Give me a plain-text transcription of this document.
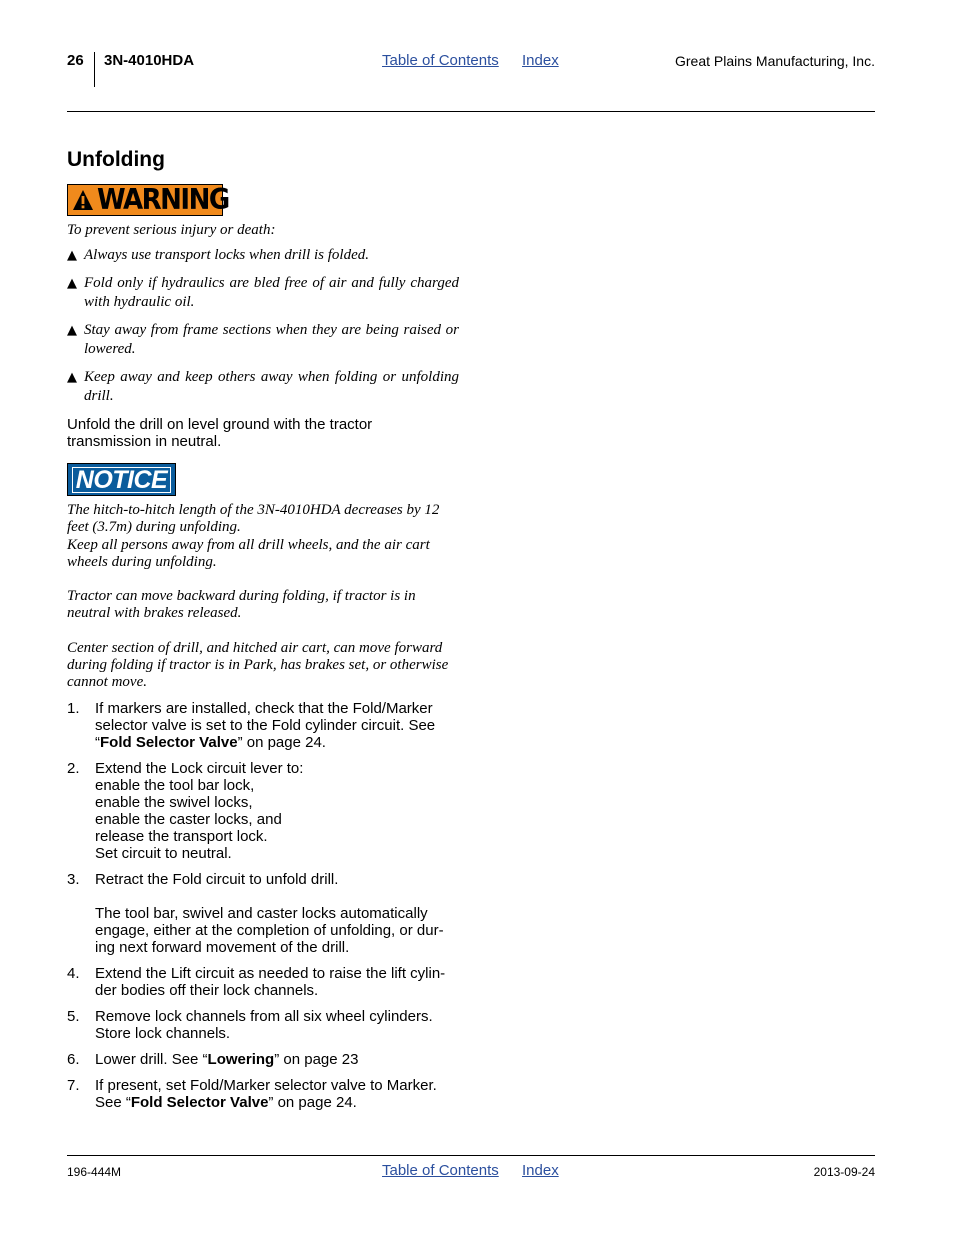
26 3N-4010HDA	Table of Contents Index	Great Plains Manufacturing, Inc.
Unfolding
WARNING
To prevent serious injury or death:
▲ Always use transport locks when drill is folded.
▲ Fold only if hydraulics are bled free of air and fully charged with hydraulic oil.
▲ Stay away from frame sections when they are being raised or lowered.
▲ Keep away and keep others away when folding or unfolding drill.
Unfold the drill on level ground with the tractor transmission in neutral.
NOTICE
The hitch-to-hitch length of the 3N-4010HDA decreases by 12 feet (3.7m) during unfolding.
Keep all persons away from all drill wheels, and the air cart wheels during unfolding.
Tractor can move backward during folding, if tractor is in neutral with brakes released.
Center section of drill, and hitched air cart, can move forward during folding if tractor is in Park, has brakes set, or otherwise cannot move.
1. If markers are installed, check that the Fold/Marker selector valve is set to the Fold cylinder circuit. See “Fold Selector Valve” on page 24.
2. Extend the Lock circuit lever to:
enable the tool bar lock,
enable the swivel locks,
enable the caster locks, and
release the transport lock.
Set circuit to neutral.
3. Retract the Fold circuit to unfold drill.
The tool bar, swivel and caster locks automatically engage, either at the completion of unfolding, or dur-ing next forward movement of the drill.
4. Extend the Lift circuit as needed to raise the lift cylin-der bodies off their lock channels.
5. Remove lock channels from all six wheel cylinders. Store lock channels.
6. Lower drill. See “Lowering” on page 23
7. If present, set Fold/Marker selector valve to Marker. See “Fold Selector Valve” on page 24.
196-444M	Table of Contents Index	2013-09-24
